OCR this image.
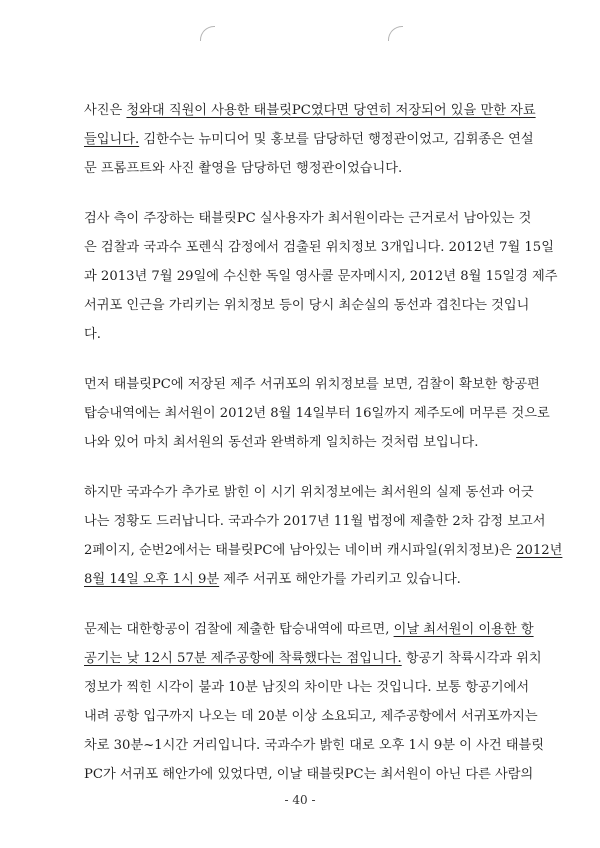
사진은 청와대 직원이 사용한 태블릿PC였다면 당연히 저장되어 있을 만한 자료
들입니다. 김한수는 뉴미디어 및 홍보를 담당하던 행정관이었고, 김휘종은 연설
문 프롬프트와 사진 촬영을 담당하던 행정관이었습니다.
검사 측이 주장하는 태블릿PC 실사용자가 최서원이라는 근거로서 남아있는 것
은 검찰과 국과수 포렌식 감정에서 검출된 위치정보 3개입니다. 2012년 7월 15일
과 2013년 7월 29일에 수신한 독일 영사콜 문자메시지, 2012년 8월 15일경 제주
서귀포 인근을 가리키는 위치정보 등이 당시 최순실의 동선과 겹친다는 것입니
다.
먼저 태블릿PC에 저장된 제주 서귀포의 위치정보를 보면, 검찰이 확보한 항공편
탑승내역에는 최서원이 2012년 8월 14일부터 16일까지 제주도에 머무른 것으로
나와 있어 마치 최서원의 동선과 완벽하게 일치하는 것처럼 보입니다.
하지만 국과수가 추가로 밝힌 이 시기 위치정보에는 최서원의 실제 동선과 어긋
나는 정황도 드러납니다. 국과수가 2017년 11월 법정에 제출한 2차 감정 보고서
2페이지, 순번2에서는 태블릿PC에 남아있는 네이버 캐시파일(위치정보)은 2012년
8월 14일 오후 1시 9분 제주 서귀포 해안가를 가리키고 있습니다.
문제는 대한항공이 검찰에 제출한 탑승내역에 따르면, 이날 최서원이 이용한 항
공기는 낮 12시 57분 제주공항에 착륙했다는 점입니다. 항공기 착륙시각과 위치
정보가 찍힌 시각이 불과 10분 남짓의 차이만 나는 것입니다. 보통 항공기에서
내려 공항 입구까지 나오는 데 20분 이상 소요되고, 제주공항에서 서귀포까지는
차로 30분~1시간 거리입니다. 국과수가 밝힌 대로 오후 1시 9분 이 사건 태블릿
PC가 서귀포 해안가에 있었다면, 이날 태블릿PC는 최서원이 아닌 다른 사람의
- 40 -
